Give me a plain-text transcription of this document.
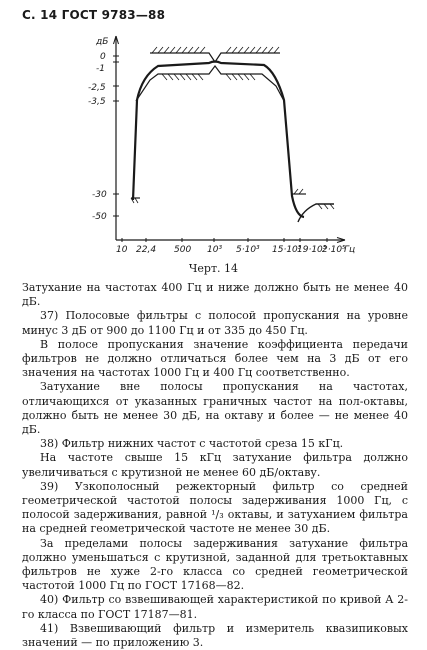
С. 14 ГОСТ 9783—88
дБ
0
-1
-2,5
-3,5
-30
-50
10 22,4 500 10³ 5·10³ 15·10³
19·10³
2·10⁵
Гц
Черт. 14

Затухание на частотах 400 Гц и ниже должно быть не менее 40 дБ.

37) Полосовые фильтры с полосой пропускания на уровне минус 3 дБ от 900 до 1100 Гц и от 335 до 450 Гц.

В полосе пропускания значение коэффициента передачи фильтров не должно отличаться более чем на 3 дБ от его значения на частотах 1000 Гц и 400 Гц соответственно.

Затухание вне полосы пропускания на частотах, отличающихся от указанных граничных частот на пол-октавы, должно быть не менее 30 дБ, на октаву и более — не менее 40 дБ.

38) Фильтр нижних частот с частотой среза 15 кГц.

На частоте свыше 15 кГц затухание фильтра должно увеличиваться с крутизной не менее 60 дБ/октаву.

39) Узкополосный режекторный фильтр со средней геометрической частотой полосы задерживания 1000 Гц, с полосой задерживания, равной ¹/₃ октавы, и затуханием фильтра на средней геометрической частоте не менее 30 дБ.

За пределами полосы задерживания затухание фильтра должно уменьшаться с крутизной, заданной для третьоктавных фильтров не хуже 2-го класса со средней геометрической частотой 1000 Гц по ГОСТ 17168—82.

40) Фильтр со взвешивающей характеристикой по кривой А 2-го класса по ГОСТ 17187—81.

41) Взвешивающий фильтр и измеритель квазипиковых значений — по приложению 3.
